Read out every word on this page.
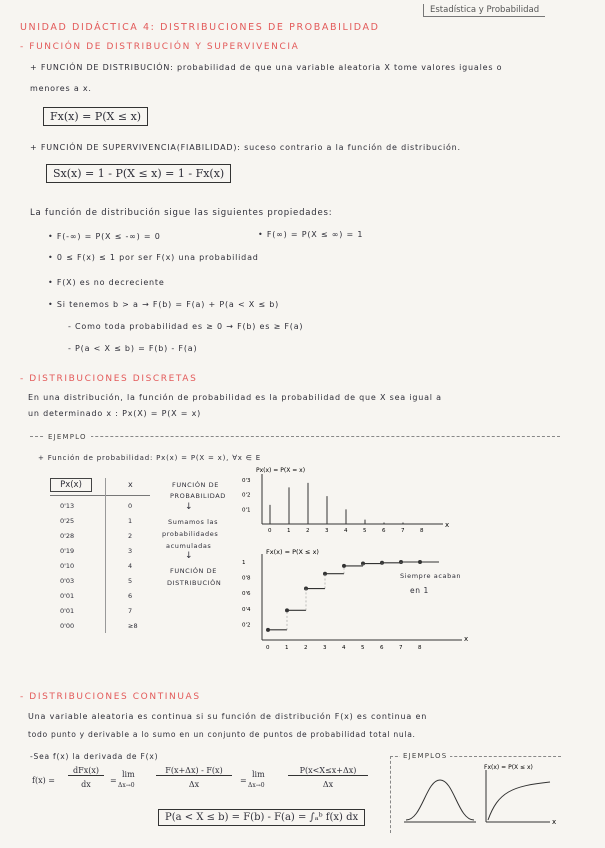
UNIDAD DIDÁCTICA 4: DISTRIBUCIONES DE PROBABILIDAD
Estadística y Probabilidad
- FUNCIÓN DE DISTRIBUCIÓN Y SUPERVIVENCIA
+ FUNCIÓN DE DISTRIBUCIÓN: probabilidad de que una variable aleatoria X tome valores iguales o
menores a x.
Fx(x) = P(X ≤ x)
+ FUNCIÓN DE SUPERVIVENCIA(FIABILIDAD): suceso contrario a la función de distribución.
Sx(x) = 1 - P(X ≤ x) = 1 - Fx(x)
La función de distribución sigue las siguientes propiedades:
• F(-∞) = P(X ≤ -∞) = 0	• F(∞) = P(X ≤ ∞) = 1
• 0 ≤ F(x) ≤ 1 por ser F(x) una probabilidad
• F(X) es no decreciente
• Si tenemos b > a → F(b) = F(a) + P(a < X ≤ b)
- Como toda probabilidad es ≥ 0 → F(b) es ≥ F(a)
- P(a < X ≤ b) = F(b) - F(a)
- DISTRIBUCIONES DISCRETAS
En una distribución, la función de probabilidad es la probabilidad de que X sea igual a
un determinado x : Px(X) = P(X = x)
EJEMPLO
+ Función de probabilidad: Px(x) = P(X = x), ∀x ∈ E
Px(x)	x
0'13	0
0'25	1
0'28	2
0'19	3
0'10	4
0'03	5
0'01	6
0'01	7
0'00	≥8
FUNCIÓN DE
PROBABILIDAD
↓
Sumamos las
probabilidades
acumuladas
↓
FUNCIÓN DE
DISTRIBUCIÓN
Px(x) = P(X = x)
0'1
0'2
0'3
0	1	2	3	4	5	6	7	8
x
Fx(x) = P(X ≤ x)
0'2
0'4
0'6
0'8
1
0	1	2	3	4	5	6	7	8
x
Siempre acaban
en 1
- DISTRIBUCIONES CONTINUAS
Una variable aleatoria es continua si su función de distribución F(x) es continua en
todo punto y derivable a lo sumo en un conjunto de puntos de probabilidad total nula.
-Sea f(x) la derivada de F(x)
f(x) =
dFx(x)
dx	=
lim
Δx→0
F(x+Δx) - F(x)
Δx	=
lim
Δx→0
P(x<X≤x+Δx)
Δx
P(a < X ≤ b) = F(b) - F(a) = ∫ₐᵇ f(x) dx
EJEMPLOS
Fx(x) = P(X ≤ x)
x
